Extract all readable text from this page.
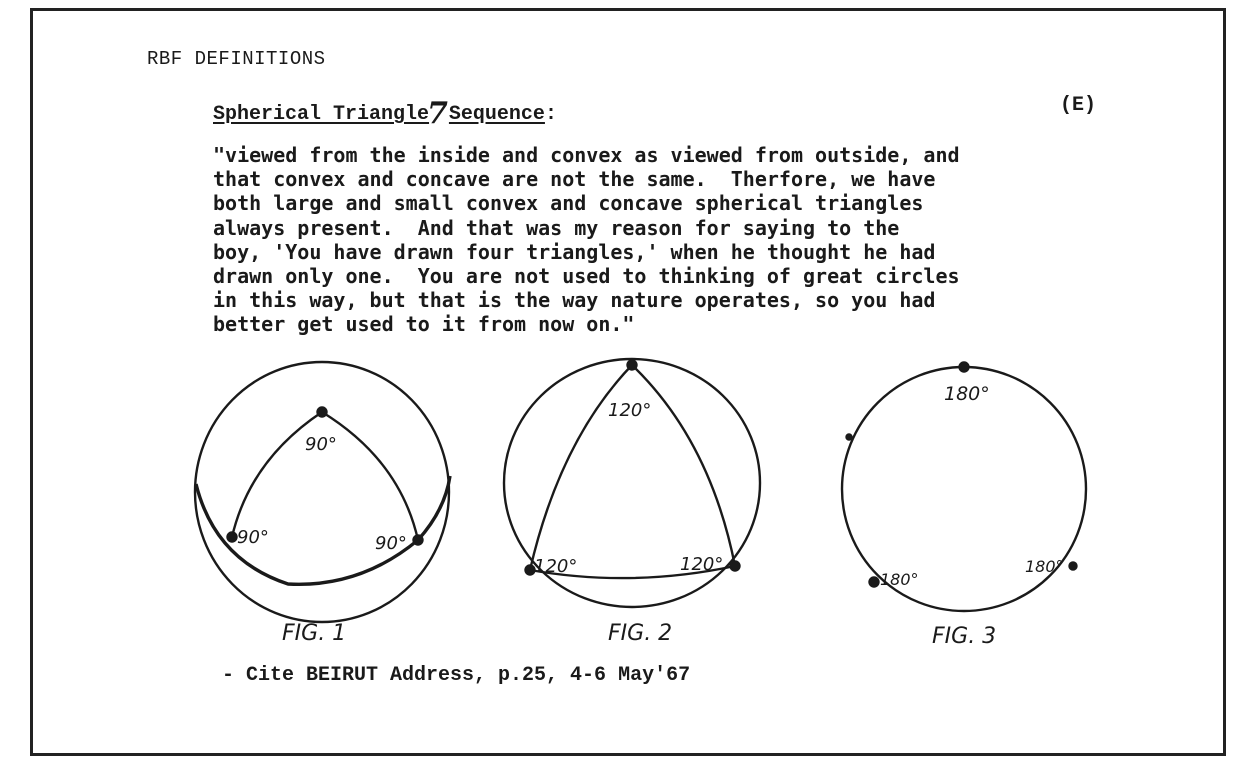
RBF DEFINITIONS
Spherical Triangle7Sequence:	(E)
"viewed from the inside and convex as viewed from outside, and
that convex and concave are not the same.  Therfore, we have
both large and small convex and concave spherical triangles
always present.  And that was my reason for saying to the
boy, 'You have drawn four triangles,' when he thought he had
drawn only one.  You are not used to thinking of great circles
in this way, but that is the way nature operates, so you had
better get used to it from now on."
90°
90°	90°
FIG. 1
120°
120°	120°
FIG. 2
180°
180°
180°
FIG. 3
- Cite BEIRUT Address, p.25, 4-6 May'67
